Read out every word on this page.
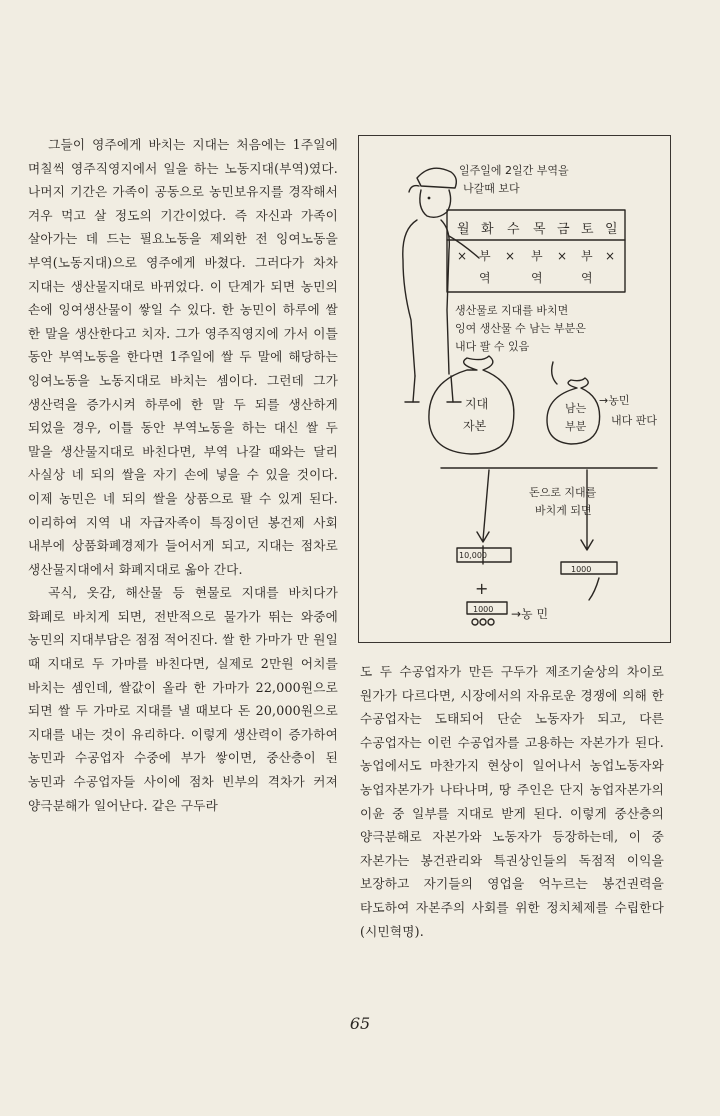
그들이 영주에게 바치는 지대는 처음에는 1주일에 며칠씩 영주직영지에서 일을 하는 노동지대(부역)였다. 나머지 기간은 가족이 공동으로 농민보유지를 경작해서 겨우 먹고 살 정도의 기간이었다. 즉 자신과 가족이 살아가는 데 드는 필요노동을 제외한 전 잉여노동을 부역(노동지대)으로 영주에게 바쳤다. 그러다가 차차 지대는 생산물지대로 바뀌었다. 이 단계가 되면 농민의 손에 잉여생산물이 쌓일 수 있다. 한 농민이 하루에 쌀 한 말을 생산한다고 치자. 그가 영주직영지에 가서 이틀 동안 부역노동을 한다면 1주일에 쌀 두 말에 해당하는 잉여노동을 노동지대로 바치는 셈이다. 그런데 그가 생산력을 증가시켜 하루에 한 말 두 되를 생산하게 되었을 경우, 이틀 동안 부역노동을 하는 대신 쌀 두 말을 생산물지대로 바친다면, 부역 나갈 때와는 달리 사실상 네 되의 쌀을 자기 손에 넣을 수 있을 것이다. 이제 농민은 네 되의 쌀을 상품으로 팔 수 있게 된다. 이리하여 지역 내 자급자족이 특징이던 봉건제 사회 내부에 상품화폐경제가 들어서게 되고, 지대는 점차로 생산물지대에서 화폐지대로 옮아 간다.

곡식, 옷감, 해산물 등 현물로 지대를 바치다가 화폐로 바치게 되면, 전반적으로 물가가 뛰는 와중에 농민의 지대부담은 점점 적어진다. 쌀 한 가마가 만 원일 때 지대로 두 가마를 바친다면, 실제로 2만원 어치를 바치는 셈인데, 쌀값이 올라 한 가마가 22,000원으로 되면 쌀 두 가마로 지대를 낼 때보다 돈 20,000원으로 지대를 내는 것이 유리하다. 이렇게 생산력이 증가하여 농민과 수공업자 수중에 부가 쌓이면, 중산층이 된 농민과 수공업자들 사이에 점차 빈부의 격차가 커져 양극분해가 일어난다. 같은 구두라

일주일에 2일간 부역을
나갈때 보다
월 화 수 목 금 토 일
× 부 × 부 × 부 ×
역	역	역
생산물로 지대를 바치면
잉여 생산물 수 남는 부분은
내다 팔 수 있음
지대
자본
남는
부분
→농민
내다 판다
돈으로 지대를
바치게 되면
10,000
1000
+
1000 →농 민

도 두 수공업자가 만든 구두가 제조기술상의 차이로 원가가 다르다면, 시장에서의 자유로운 경쟁에 의해 한 수공업자는 도태되어 단순 노동자가 되고, 다른 수공업자는 이런 수공업자를 고용하는 자본가가 된다. 농업에서도 마찬가지 현상이 일어나서 농업노동자와 농업자본가가 나타나며, 땅 주인은 단지 농업자본가의 이윤 중 일부를 지대로 받게 된다. 이렇게 중산층의 양극분해로 자본가와 노동자가 등장하는데, 이 중 자본가는 봉건관리와 특권상인들의 독점적 이익을 보장하고 자기들의 영업을 억누르는 봉건권력을 타도하여 자본주의 사회를 위한 정치체제를 수립한다(시민혁명).

65
